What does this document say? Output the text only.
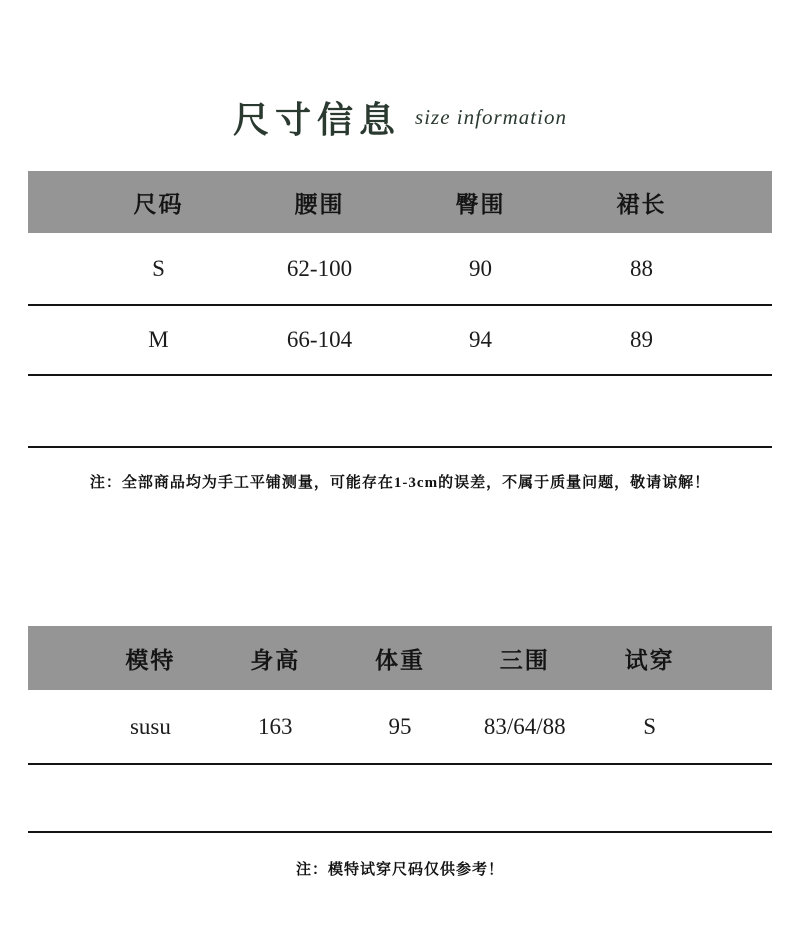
尺寸信息 size information
尺码	腰围	臀围	裙长
S	62-100	90	88
M	66-104	94	89

注：全部商品均为手工平铺测量，可能存在1-3cm的误差，不属于质量问题，敬请谅解！

模特	身高	体重	三围	试穿
susu	163	95	83/64/88	S

注：模特试穿尺码仅供参考！
